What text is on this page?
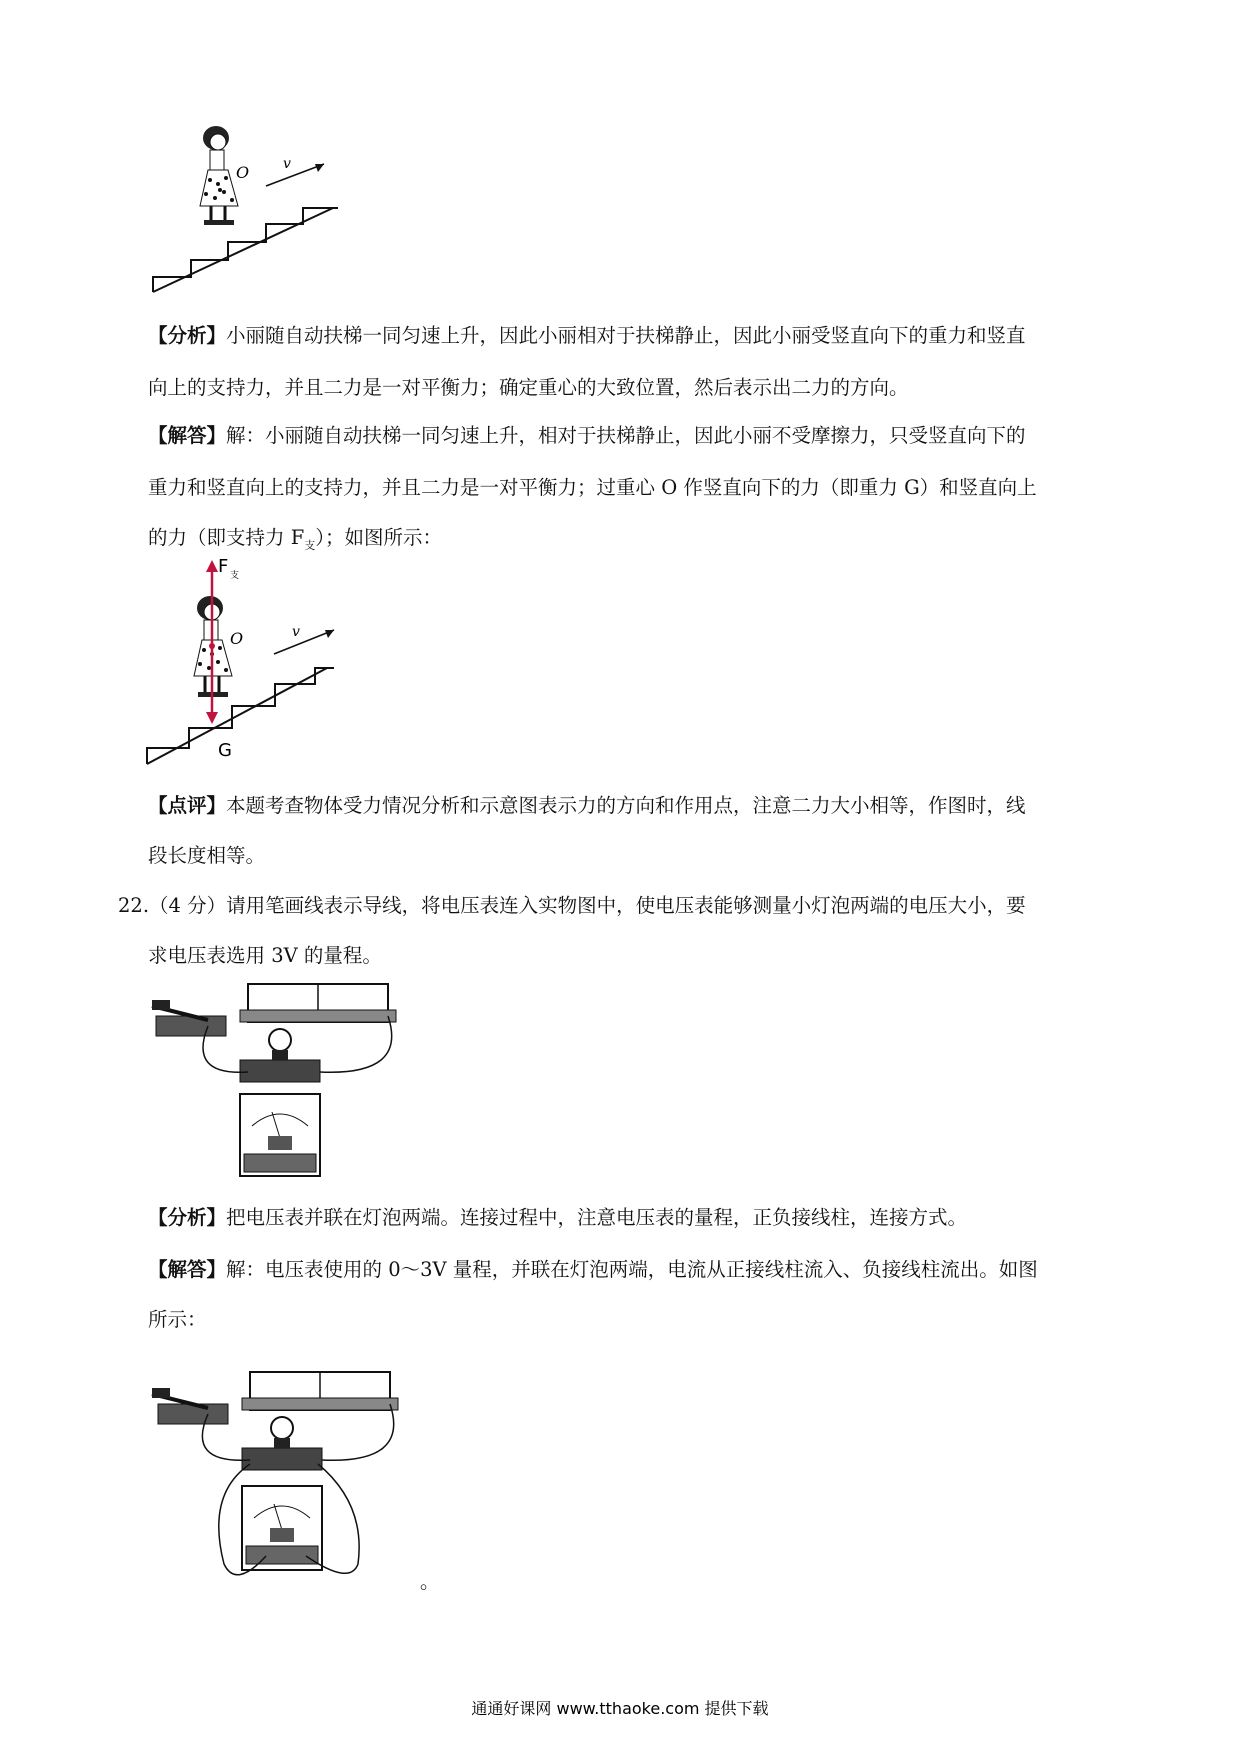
O v
【分析】小丽随自动扶梯一同匀速上升，因此小丽相对于扶梯静止，因此小丽受竖直向下的重力和竖直
向上的支持力，并且二力是一对平衡力；确定重心的大致位置，然后表示出二力的方向。
【解答】解：小丽随自动扶梯一同匀速上升，相对于扶梯静止，因此小丽不受摩擦力，只受竖直向下的
重力和竖直向上的支持力，并且二力是一对平衡力；过重心 O 作竖直向下的力（即重力 G）和竖直向上
的力（即支持力 $F_支$）；如图所示：
F 支
O	v
G
【点评】本题考查物体受力情况分析和示意图表示力的方向和作用点，注意二力大小相等，作图时，线
段长度相等。
22.（4 分）请用笔画线表示导线，将电压表连入实物图中，使电压表能够测量小灯泡两端的电压大小，要
求电压表选用 3V 的量程。
【分析】把电压表并联在灯泡两端。连接过程中，注意电压表的量程，正负接线柱，连接方式。
【解答】解：电压表使用的 0～3V 量程，并联在灯泡两端，电流从正接线柱流入、负接线柱流出。如图
所示：
。
通通好课网 www.tthaoke.com 提供下载
